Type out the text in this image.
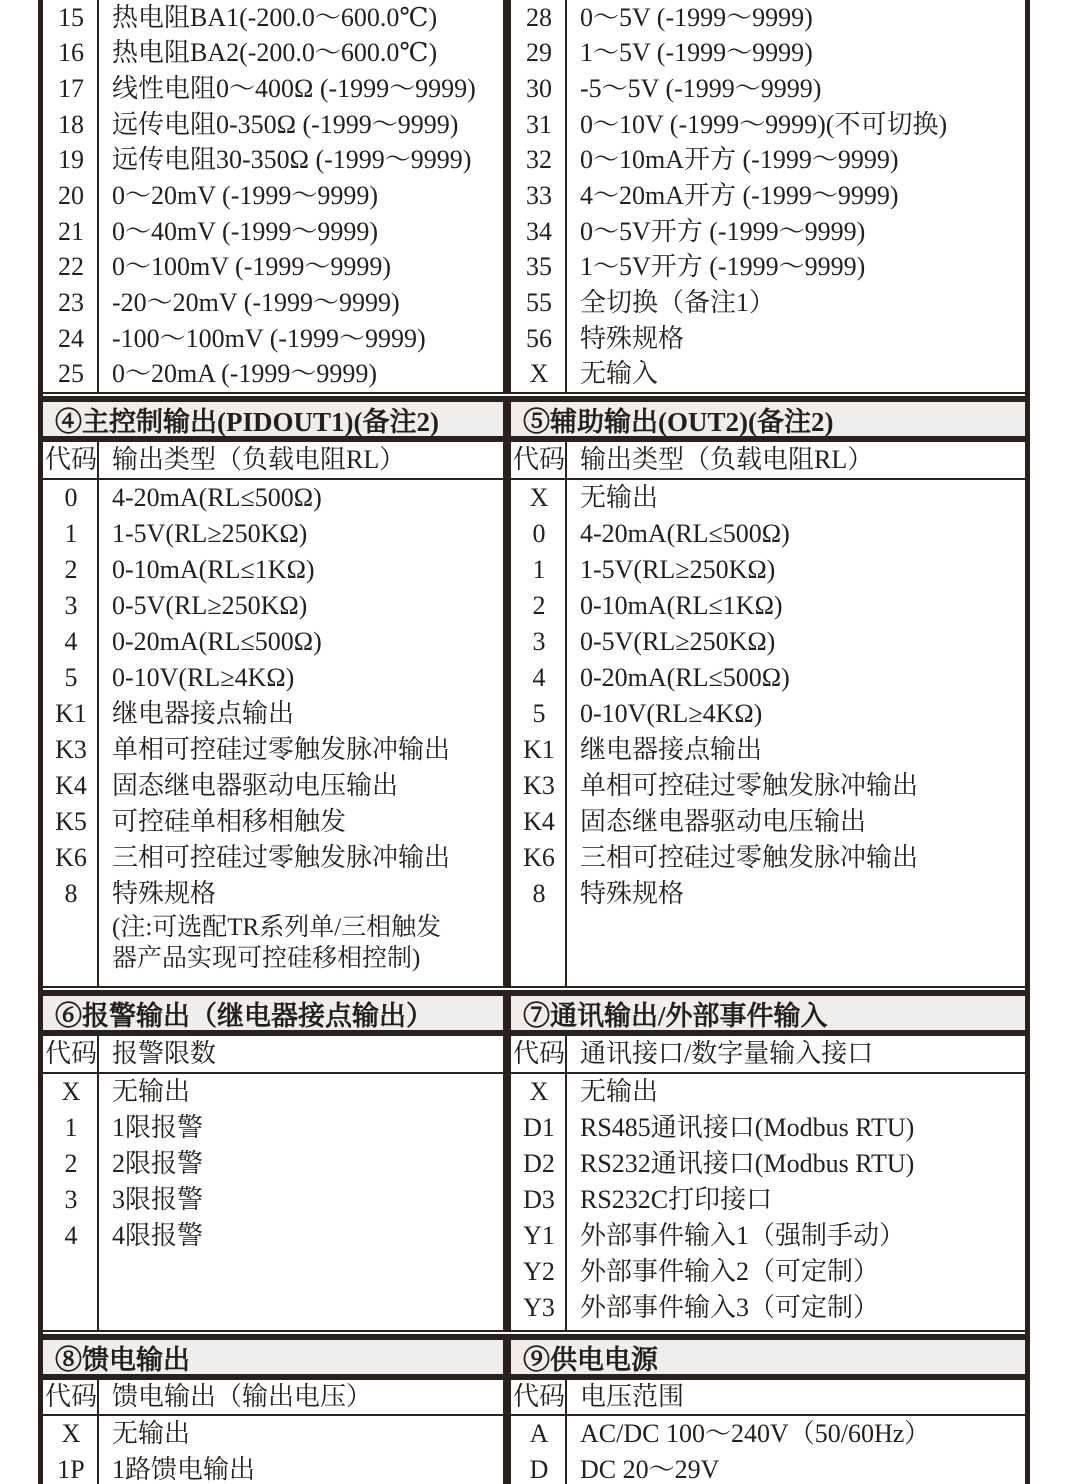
15	热电阻BA1(-200.0～600.0℃)
16	热电阻BA2(-200.0～600.0℃)
17	线性电阻0～400Ω (-1999～9999)
18	远传电阻0-350Ω (-1999～9999)
19	远传电阻30-350Ω (-1999～9999)
20	0～20mV (-1999～9999)
21	0～40mV (-1999～9999)
22	0～100mV (-1999～9999)
23	-20～20mV (-1999～9999)
24	-100～100mV (-1999～9999)
25	0～20mA (-1999～9999)
28	0～5V (-1999～9999)
29	1～5V (-1999～9999)
30	-5～5V (-1999～9999)
31	0～10V (-1999～9999)(不可切换)
32	0～10mA开方 (-1999～9999)
33	4～20mA开方 (-1999～9999)
34	0～5V开方 (-1999～9999)
35	1～5V开方 (-1999～9999)
55	全切换（备注1）
56	特殊规格
X	无输入
④主控制输出(PIDOUT1)(备注2)	⑤辅助输出(OUT2)(备注2)
代码 输出类型（负载电阻RL）	代码 输出类型（负载电阻RL）
0	4-20mA(RL≤500Ω)
1	1-5V(RL≥250KΩ)
2	0-10mA(RL≤1KΩ)
3	0-5V(RL≥250KΩ)
4	0-20mA(RL≤500Ω)
5	0-10V(RL≥4KΩ)
K1 继电器接点输出
K3 单相可控硅过零触发脉冲输出
K4 固态继电器驱动电压输出
K5 可控硅单相移相触发
K6 三相可控硅过零触发脉冲输出
8	特殊规格
(注:可选配TR系列单/三相触发
器产品实现可控硅移相控制)
X	无输出
0	4-20mA(RL≤500Ω)
1	1-5V(RL≥250KΩ)
2	0-10mA(RL≤1KΩ)
3	0-5V(RL≥250KΩ)
4	0-20mA(RL≤500Ω)
5	0-10V(RL≥4KΩ)
K1 继电器接点输出
K3 单相可控硅过零触发脉冲输出
K4 固态继电器驱动电压输出
K6 三相可控硅过零触发脉冲输出
8	特殊规格
⑥报警输出（继电器接点输出）	⑦通讯输出/外部事件输入
代码 报警限数	代码 通讯接口/数字量输入接口
X	无输出
1	1限报警
2	2限报警
3	3限报警
4	4限报警
X	无输出
D1 RS485通讯接口(Modbus RTU)
D2 RS232通讯接口(Modbus RTU)
D3 RS232C打印接口
Y1 外部事件输入1（强制手动）
Y2 外部事件输入2（可定制）
Y3 外部事件输入3（可定制）
⑧馈电输出	⑨供电电源
代码 馈电输出（输出电压）	代码 电压范围
X	无输出
1P	1路馈电输出
A	AC/DC 100～240V（50/60Hz）
D	DC 20～29V
